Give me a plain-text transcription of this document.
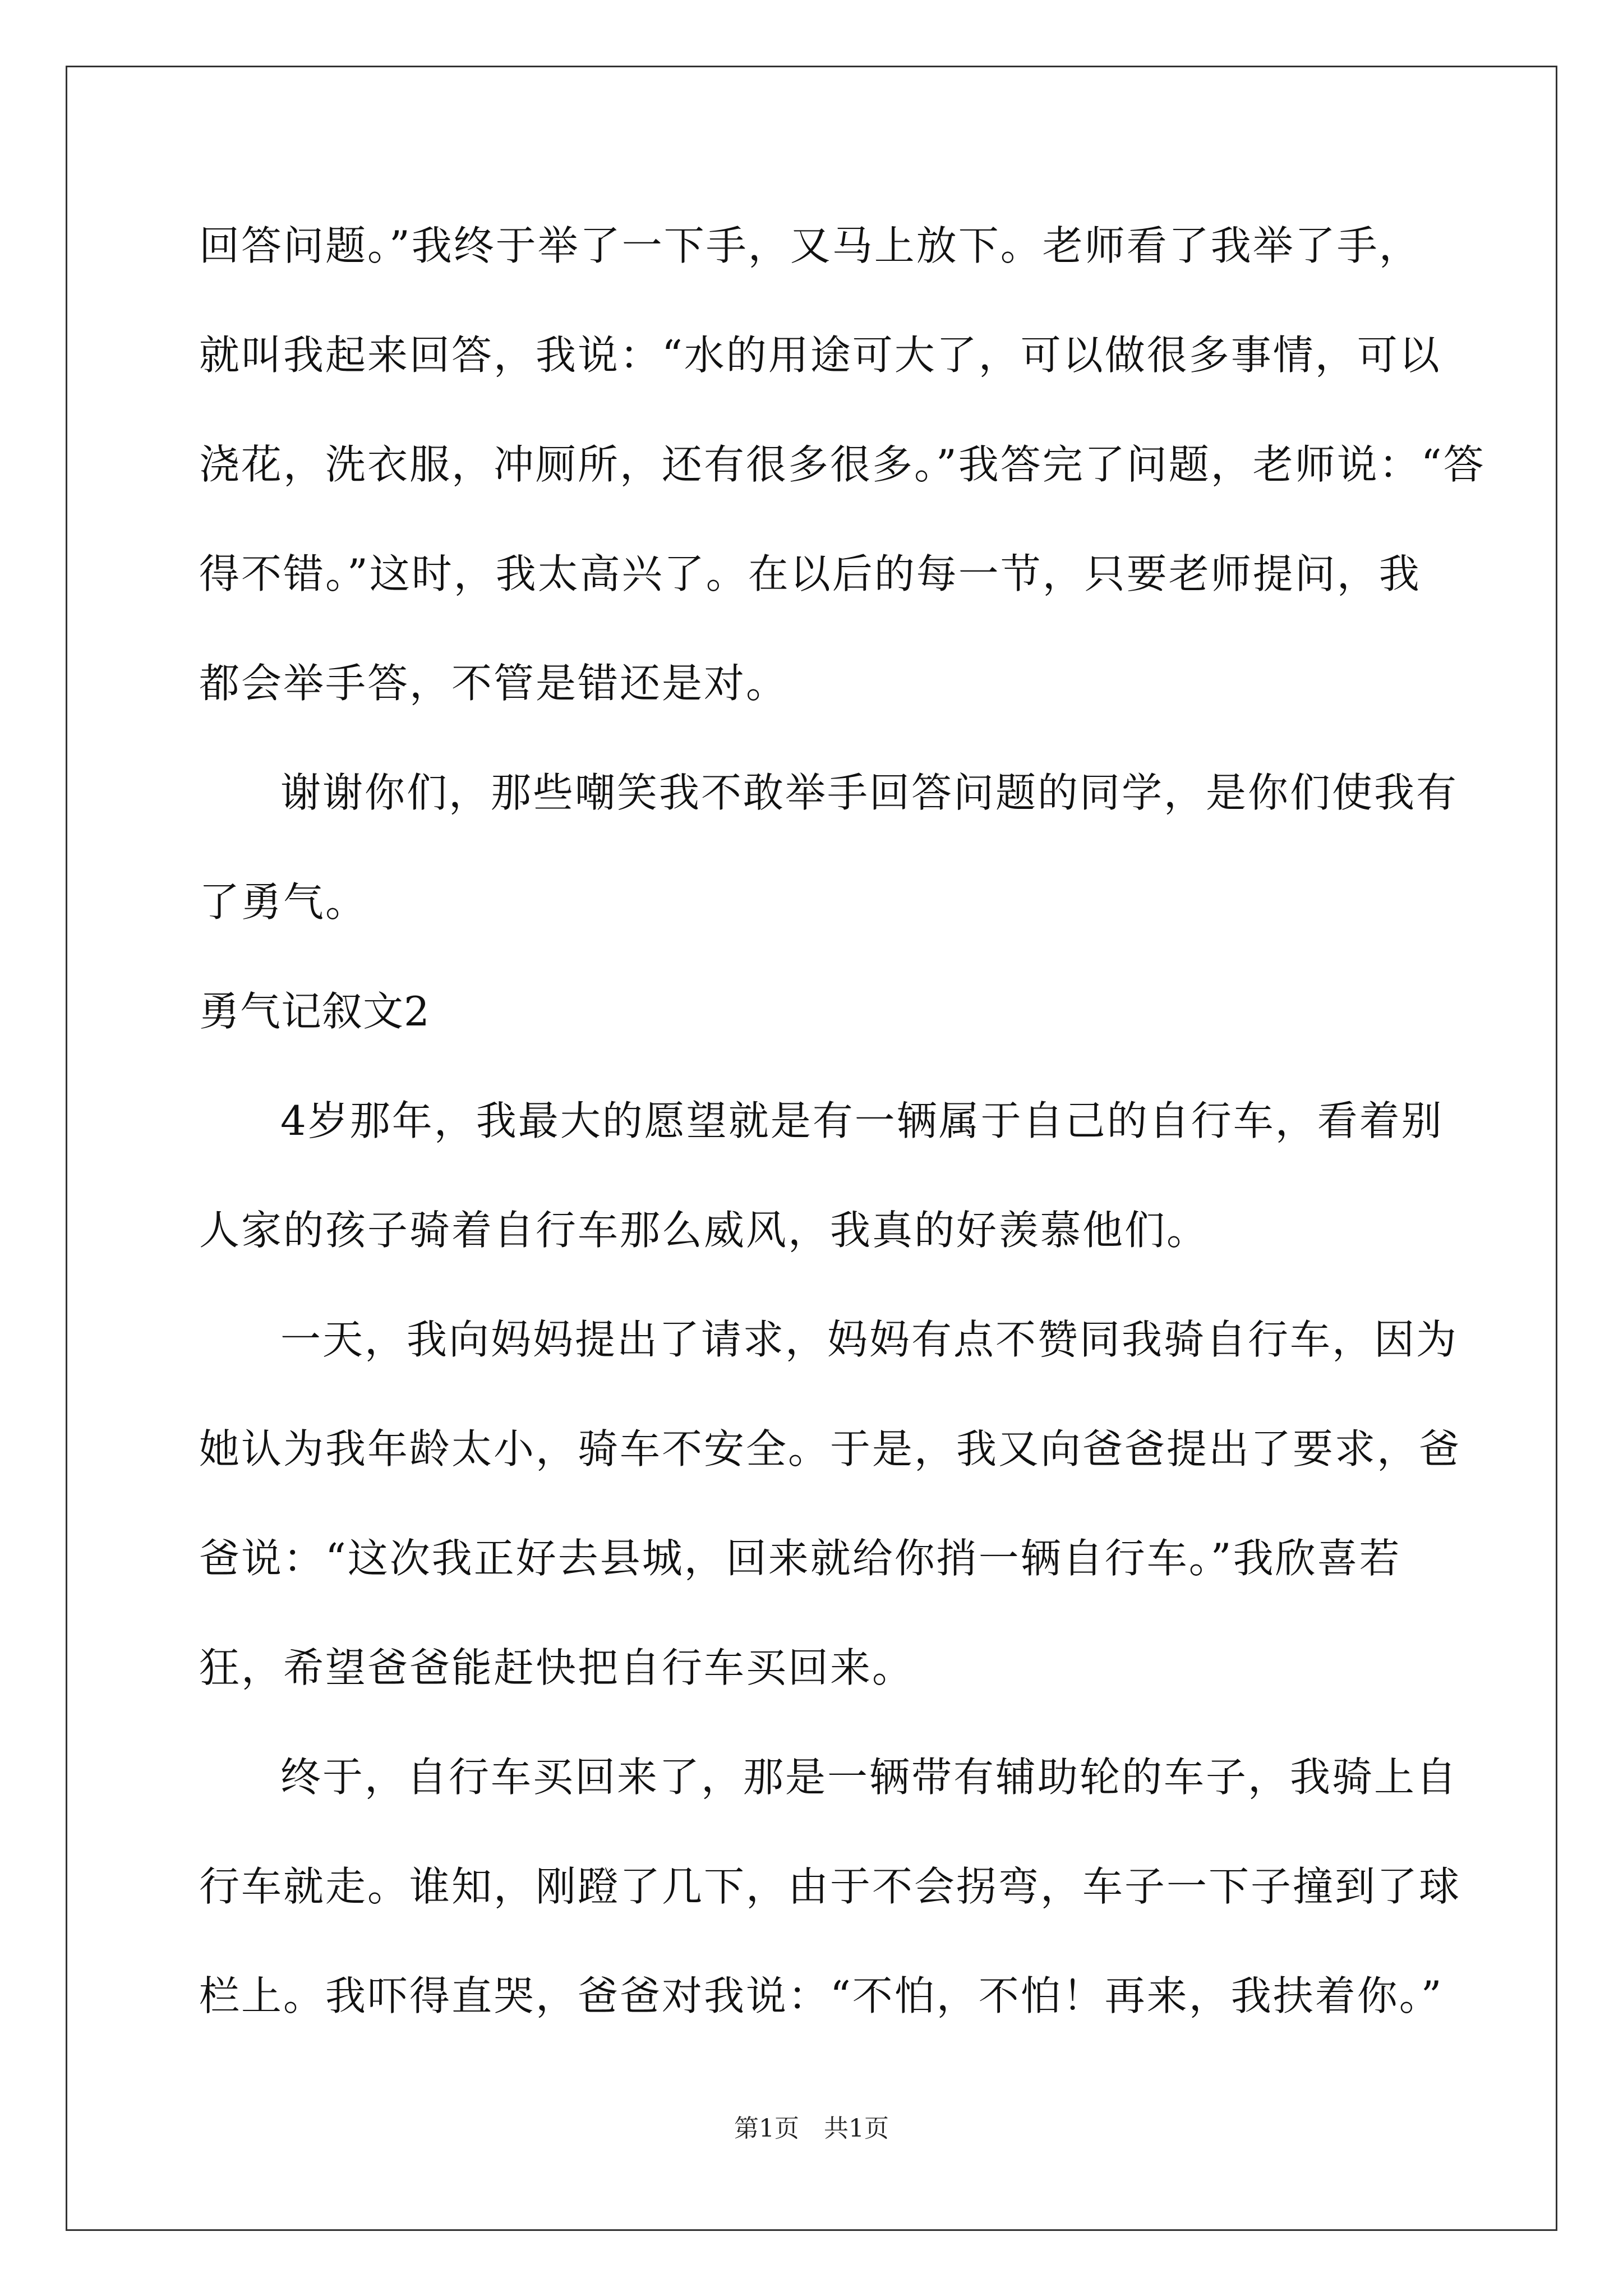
回答问题。”我终于举了一下手，又马上放下。老师看了我举了手，
就叫我起来回答，我说：“水的用途可大了，可以做很多事情，可以
浇花，洗衣服，冲厕所，还有很多很多。”我答完了问题，老师说：“答
得不错。”这时，我太高兴了。在以后的每一节，只要老师提问，我
都会举手答，不管是错还是对。
谢谢你们，那些嘲笑我不敢举手回答问题的同学，是你们使我有
了勇气。
勇气记叙文2
4岁那年，我最大的愿望就是有一辆属于自己的自行车，看着别
人家的孩子骑着自行车那么威风，我真的好羡慕他们。
一天，我向妈妈提出了请求，妈妈有点不赞同我骑自行车，因为
她认为我年龄太小，骑车不安全。于是，我又向爸爸提出了要求，爸
爸说：“这次我正好去县城，回来就给你捎一辆自行车。”我欣喜若
狂，希望爸爸能赶快把自行车买回来。
终于，自行车买回来了，那是一辆带有辅助轮的车子，我骑上自
行车就走。谁知，刚蹬了几下，由于不会拐弯，车子一下子撞到了球
栏上。我吓得直哭，爸爸对我说：“不怕，不怕！再来，我扶着你。”
第1页 共1页
